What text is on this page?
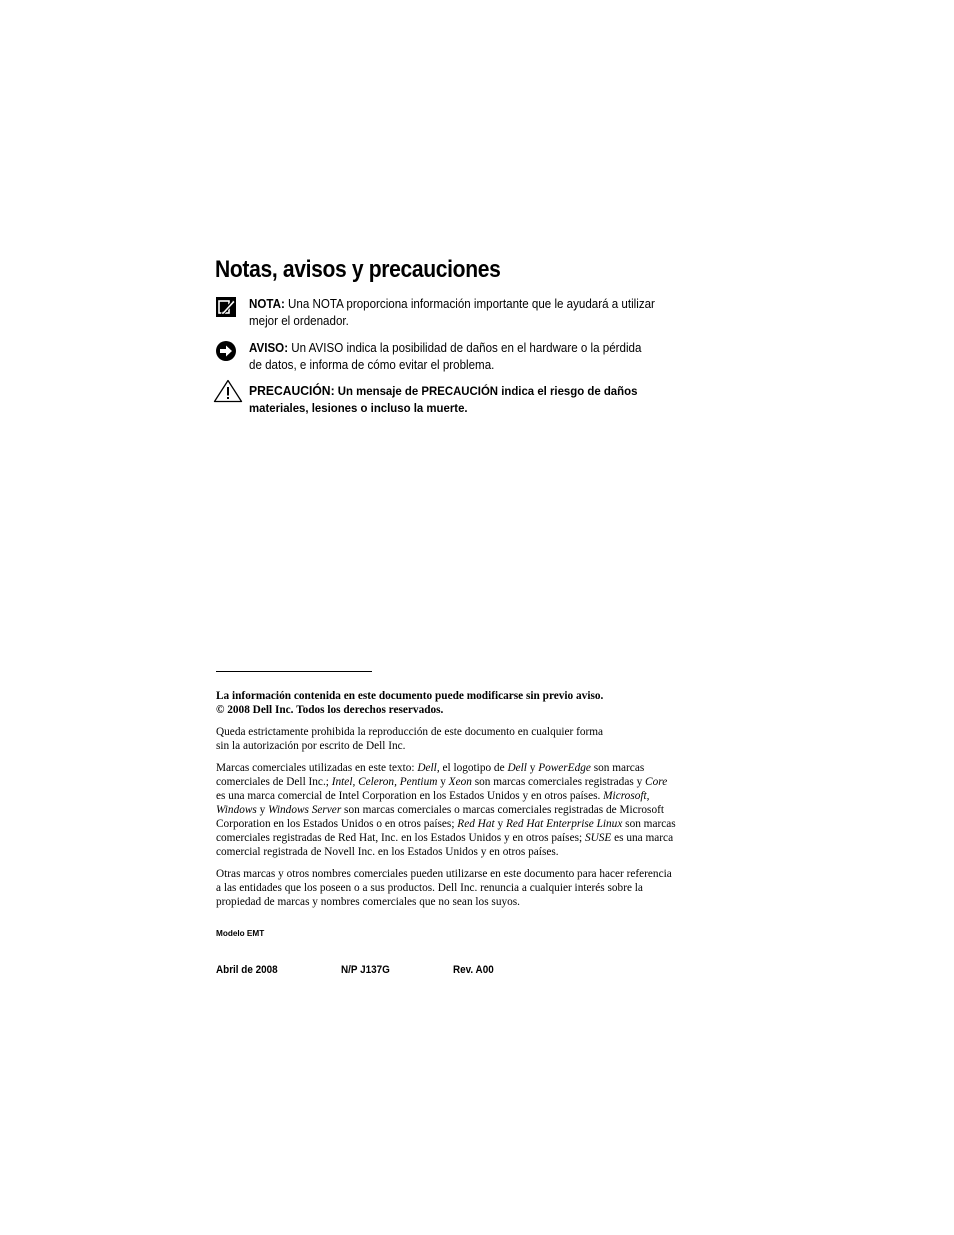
Notas, avisos y precauciones
NOTA: Una NOTA proporciona información importante que le ayudará a utilizar
mejor el ordenador.
AVISO: Un AVISO indica la posibilidad de daños en el hardware o la pérdida
de datos, e informa de cómo evitar el problema.
PRECAUCIÓN: Un mensaje de PRECAUCIÓN indica el riesgo de daños
materiales, lesiones o incluso la muerte.

La información contenida en este documento puede modificarse sin previo aviso.

© 2008 Dell Inc. Todos los derechos reservados.

Queda estrictamente prohibida la reproducción de este documento en cualquier forma

sin la autorización por escrito de Dell Inc.

Marcas comerciales utilizadas en este texto: Dell, el logotipo de Dell y PowerEdge son marcas

comerciales de Dell Inc.; Intel, Celeron, Pentium y Xeon son marcas comerciales registradas y Core

es una marca comercial de Intel Corporation en los Estados Unidos y en otros países. Microsoft,

Windows y Windows Server son marcas comerciales o marcas comerciales registradas de Microsoft

Corporation en los Estados Unidos o en otros países; Red Hat y Red Hat Enterprise Linux son marcas

comerciales registradas de Red Hat, Inc. en los Estados Unidos y en otros países; SUSE es una marca

comercial registrada de Novell Inc. en los Estados Unidos y en otros países.

Otras marcas y otros nombres comerciales pueden utilizarse en este documento para hacer referencia

a las entidades que los poseen o a sus productos. Dell Inc. renuncia a cualquier interés sobre la

propiedad de marcas y nombres comerciales que no sean los suyos.

Modelo EMT
Abril de 2008	N/P J137G	Rev. A00
